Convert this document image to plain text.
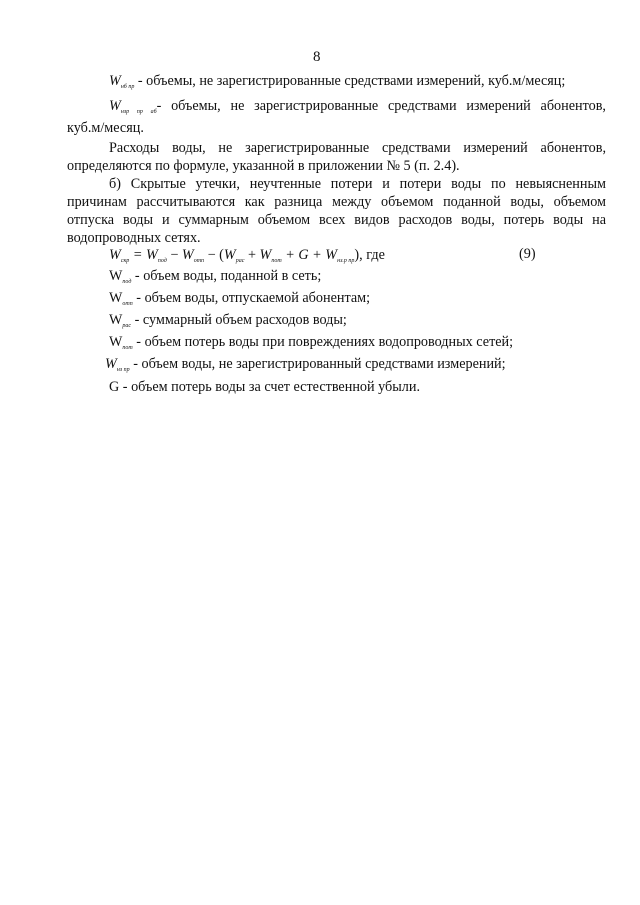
8
$W_{нб пр}$ - объемы, не зарегистрированные средствами измерений, куб.м/месяц;
$W_{нзр пр аб}-$ объемы, не зарегистрированные средствами измерений абонентов,
куб.м/месяц.
Расходы воды, не зарегистрированные средствами измерений абонентов,
определяются по формуле, указанной в приложении № 5 (п. 2.4).
б) Скрытые утечки, неучтенные потери и потери воды по невыясненным
причинам рассчитываются как разница между объемом поданной воды, объемом
отпуска воды и суммарным объемом всех видов расходов воды, потерь воды на
водопроводных сетях.
$W_{скр} = W_{под} - W_{отп} - (W_{рас} + W_{пот} + G + W_{нз.р пр})$, где	(9)
$W_{под}$ - объем воды, поданной в сеть;
$W_{отп}$ - объем воды, отпускаемой абонентам;
$W_{рас}$ - суммарный объем расходов воды;
$W_{пот}$ - объем потерь воды при повреждениях водопроводных сетей;
$W_{нз пр}$ - объем воды, не зарегистрированный средствами измерений;
G - объем потерь воды за счет естественной убыли.
